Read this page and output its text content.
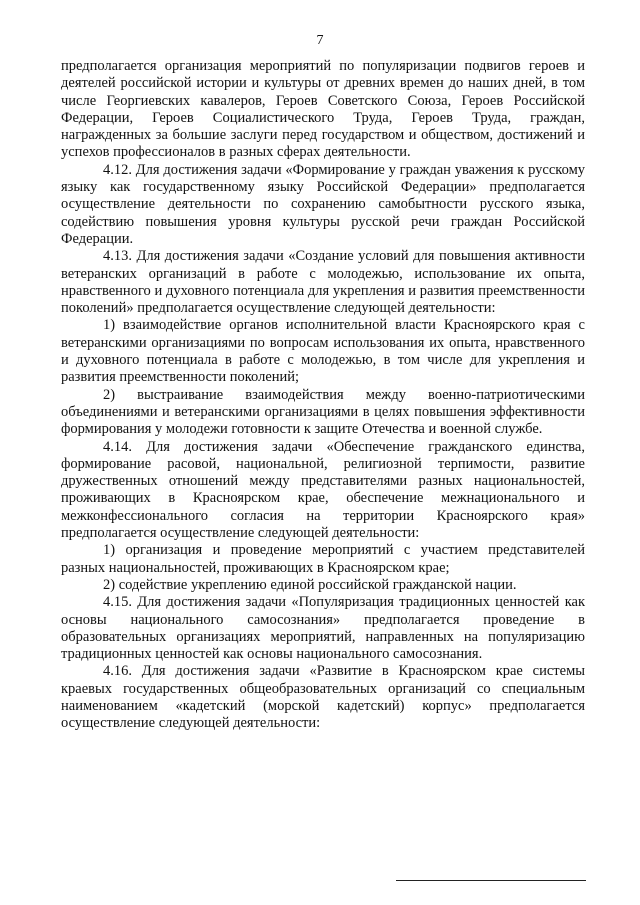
7

предполагается организация мероприятий по популяризации подвигов героев и деятелей российской истории и культуры от древних времен до наших дней, в том числе Георгиевских кавалеров, Героев Советского Союза, Героев Российской Федерации, Героев Социалистического Труда, Героев Труда, граждан, награжденных за большие заслуги перед государством и обществом, достижений и успехов профессионалов в разных сферах деятельности.

4.12. Для достижения задачи «Формирование у граждан уважения к русскому языку как государственному языку Российской Федерации» предполагается осуществление деятельности по сохранению самобытности русского языка, содействию повышения уровня культуры русской речи граждан Российской Федерации.

4.13. Для достижения задачи «Создание условий для повышения активности ветеранских организаций в работе с молодежью, использование их опыта, нравственного и духовного потенциала для укрепления и развития преемственности поколений» предполагается осуществление следующей деятельности:

1) взаимодействие органов исполнительной власти Красноярского края с ветеранскими организациями по вопросам использования их опыта, нравственного и духовного потенциала в работе с молодежью, в том числе для укрепления и развития преемственности поколений;

2) выстраивание взаимодействия между военно-патриотическими объединениями и ветеранскими организациями в целях повышения эффективности формирования у молодежи готовности к защите Отечества и военной службе.

4.14. Для достижения задачи «Обеспечение гражданского единства, формирование расовой, национальной, религиозной терпимости, развитие дружественных отношений между представителями разных национальностей, проживающих в Красноярском крае, обеспечение межнационального и межконфессионального согласия на территории Красноярского края» предполагается осуществление следующей деятельности:

1) организация и проведение мероприятий с участием представителей разных национальностей, проживающих в Красноярском крае;

2) содействие укреплению единой российской гражданской нации.

4.15. Для достижения задачи «Популяризация традиционных ценностей как основы национального самосознания» предполагается проведение в образовательных организациях мероприятий, направленных на популяризацию традиционных ценностей как основы национального самосознания.

4.16. Для достижения задачи «Развитие в Красноярском крае системы краевых государственных общеобразовательных организаций со специальным наименованием «кадетский (морской кадетский) корпус» предполагается осуществление следующей деятельности:
